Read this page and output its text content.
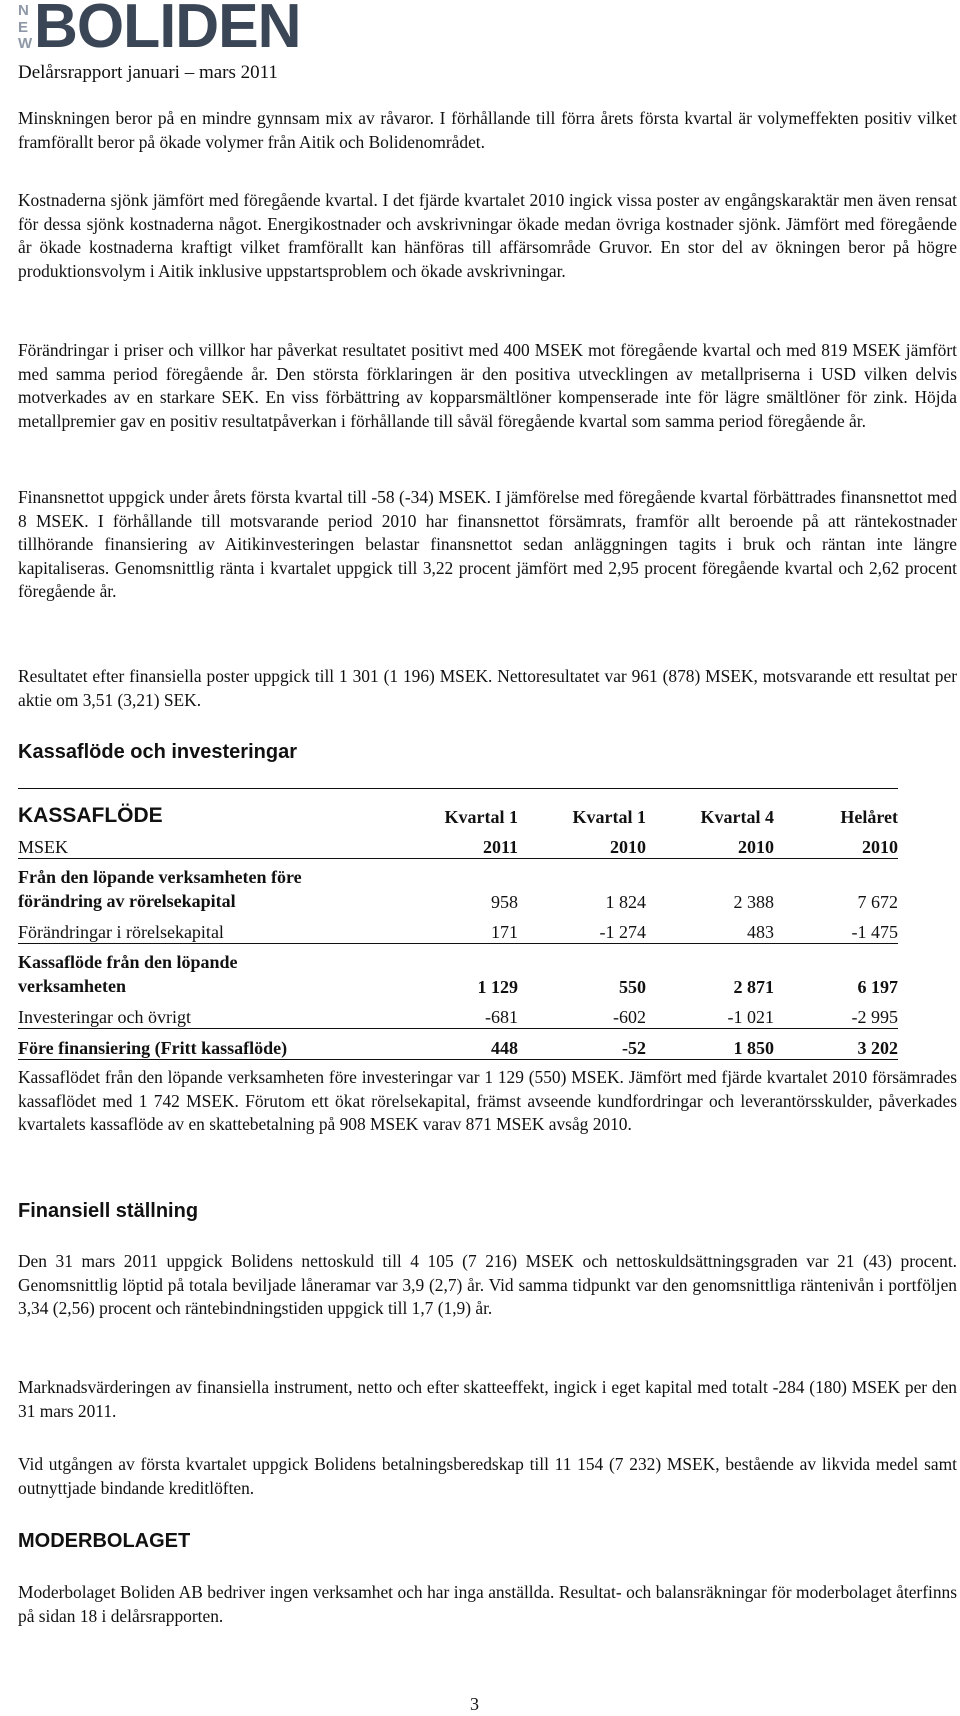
N
E
W BOLIDEN
Delårsrapport januari – mars 2011

Minskningen beror på en mindre gynnsam mix av råvaror. I förhållande till förra årets första kvartal är volymeffekten positiv vilket framförallt beror på ökade volymer från Aitik och Bolidenområdet.

Kostnaderna sjönk jämfört med föregående kvartal. I det fjärde kvartalet 2010 ingick vissa poster av engångskaraktär men även rensat för dessa sjönk kostnaderna något. Energikostnader och avskrivningar ökade medan övriga kostnader sjönk. Jämfört med föregående år ökade kostnaderna kraftigt vilket framförallt kan hänföras till affärsområde Gruvor. En stor del av ökningen beror på högre produktionsvolym i Aitik inklusive uppstartsproblem och ökade avskrivningar.

Förändringar i priser och villkor har påverkat resultatet positivt med 400 MSEK mot föregående kvartal och med 819 MSEK jämfört med samma period föregående år. Den största förklaringen är den positiva utvecklingen av metallpriserna i USD vilken delvis motverkades av en starkare SEK. En viss förbättring av kopparsmältlöner kompenserade inte för lägre smältlöner för zink. Höjda metallpremier gav en positiv resultatpåverkan i förhållande till såväl föregående kvartal som samma period föregående år.

Finansnettot uppgick under årets första kvartal till -58 (-34) MSEK. I jämförelse med föregående kvartal förbättrades finansnettot med 8 MSEK. I förhållande till motsvarande period 2010 har finansnettot försämrats, framför allt beroende på att räntekostnader tillhörande finansiering av Aitikinvesteringen belastar finansnettot sedan anläggningen tagits i bruk och räntan inte längre kapitaliseras. Genomsnittlig ränta i kvartalet uppgick till 3,22 procent jämfört med 2,95 procent föregående kvartal och 2,62 procent föregående år.

Resultatet efter finansiella poster uppgick till 1 301 (1 196) MSEK. Nettoresultatet var 961 (878) MSEK, motsvarande ett resultat per aktie om 3,51 (3,21) SEK.

Kassaflöde och investeringar
KASSAFLÖDE	Kvartal 1	Kvartal 1	Kvartal 4	Helåret
MSEK	2011	2010	2010	2010
Från den löpande verksamheten före
förändring av rörelsekapital	958	1 824	2 388	7 672
Förändringar i rörelsekapital	171	-1 274	483	-1 475
Kassaflöde från den löpande
verksamheten	1 129	550	2 871	6 197
Investeringar och övrigt	-681	-602	-1 021	-2 995
Före finansiering (Fritt kassaflöde)	448	-52	1 850	3 202

Kassaflödet från den löpande verksamheten före investeringar var 1 129 (550) MSEK. Jämfört med fjärde kvartalet 2010 försämrades kassaflödet med 1 742 MSEK. Förutom ett ökat rörelsekapital, främst avseende kundfordringar och leverantörsskulder, påverkades kvartalets kassaflöde av en skattebetalning på 908 MSEK varav 871 MSEK avsåg 2010.

Finansiell ställning

Den 31 mars 2011 uppgick Bolidens nettoskuld till 4 105 (7 216) MSEK och nettoskuldsättningsgraden var 21 (43) procent. Genomsnittlig löptid på totala beviljade låneramar var 3,9 (2,7) år. Vid samma tidpunkt var den genomsnittliga räntenivån i portföljen 3,34 (2,56) procent och räntebindningstiden uppgick till 1,7 (1,9) år.

Marknadsvärderingen av finansiella instrument, netto och efter skatteeffekt, ingick i eget kapital med totalt -284 (180) MSEK per den 31 mars 2011.

Vid utgången av första kvartalet uppgick Bolidens betalningsberedskap till 11 154 (7 232) MSEK, bestående av likvida medel samt outnyttjade bindande kreditlöften.

MODERBOLAGET

Moderbolaget Boliden AB bedriver ingen verksamhet och har inga anställda. Resultat- och balansräkningar för moderbolaget återfinns på sidan 18 i delårsrapporten.

3
